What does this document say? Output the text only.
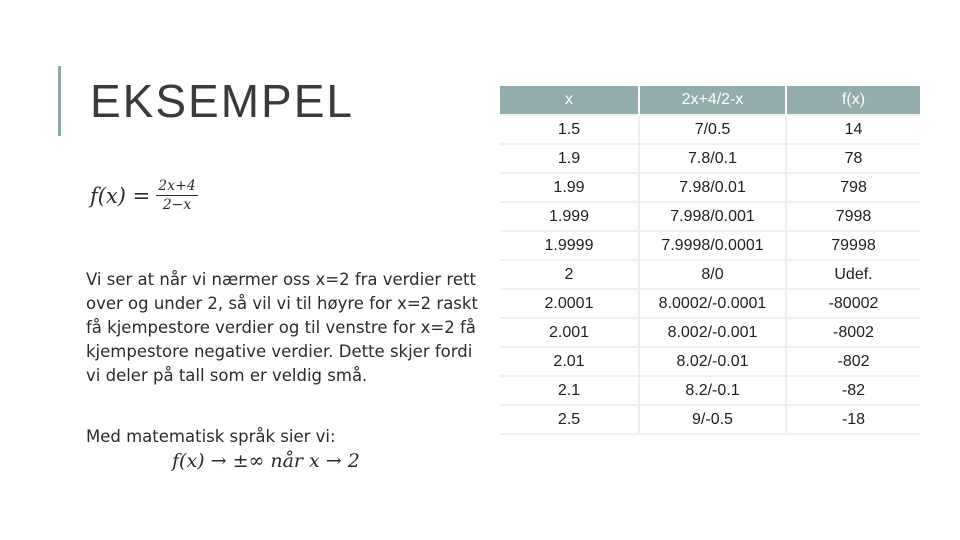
EKSEMPEL
$f(x) = \frac{2x+4}{2-x}$
Vi ser at når vi nærmer oss x=2 fra verdier rett over og under 2, så vil vi til høyre for x=2 raskt få kjempestore verdier og til venstre for x=2 få kjempestore negative verdier. Dette skjer fordi vi deler på tall som er veldig små.
Med matematisk språk sier vi:
f(x) → ±∞ når x → 2
x	2x+4/2-x	f(x)
1.5	7/0.5	14
1.9	7.8/0.1	78
1.99	7.98/0.01	798
1.999	7.998/0.001	7998
1.9999	7.9998/0.0001	79998
2	8/0	Udef.
2.0001	8.0002/-0.0001	-80002
2.001	8.002/-0.001	-8002
2.01	8.02/-0.01	-802
2.1	8.2/-0.1	-82
2.5	9/-0.5	-18
